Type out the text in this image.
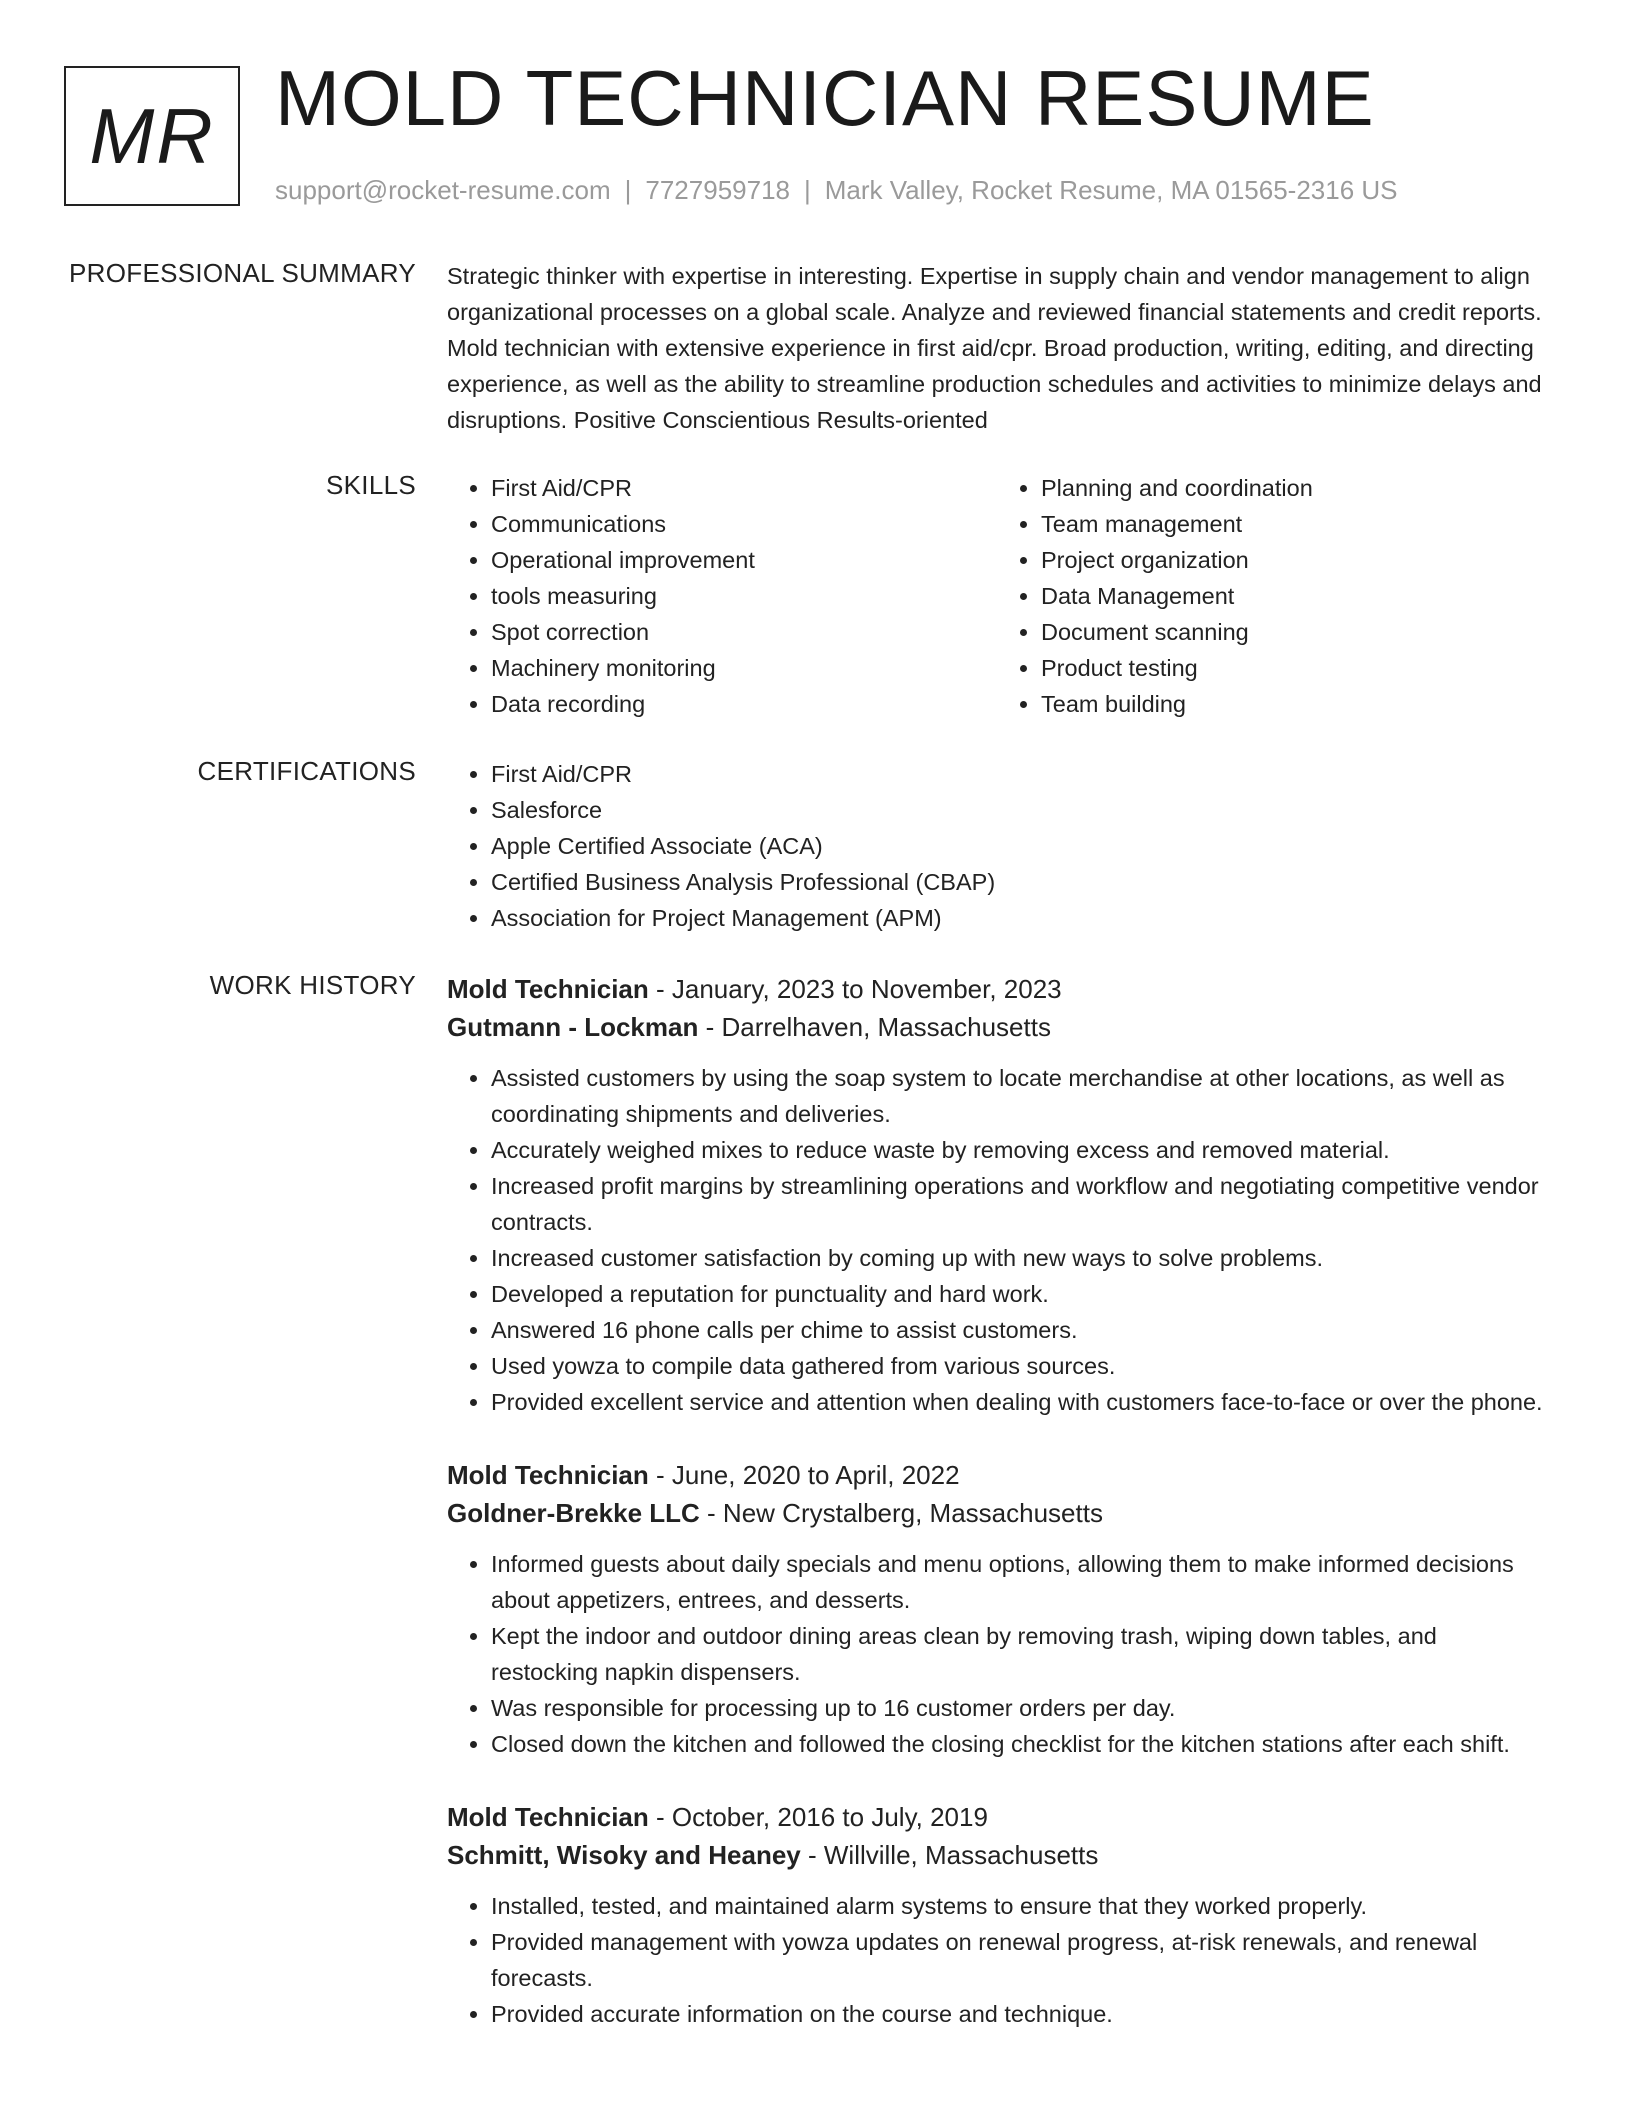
MR MOLD TECHNICIAN RESUME
support@rocket-resume.com | 7727959718 | Mark Valley, Rocket Resume, MA 01565-2316 US
PROFESSIONAL SUMMARY Strategic thinker with expertise in interesting. Expertise in supply chain and vendor management to align organizational processes on a global scale. Analyze and reviewed financial statements and credit reports. Mold technician with extensive experience in first aid/cpr. Broad production, writing, editing, and directing experience, as well as the ability to streamline production schedules and activities to minimize delays and disruptions. Positive Conscientious Results-oriented

SKILLS	• First Aid/CPR
• Communications
• Operational improvement
• tools measuring
• Spot correction
• Machinery monitoring
• Data recording
• Planning and coordination
• Team management
• Project organization
• Data Management
• Document scanning
• Product testing
• Team building
CERTIFICATIONS	• First Aid/CPR
• Salesforce
• Apple Certified Associate (ACA)
• Certified Business Analysis Professional (CBAP)
• Association for Project Management (APM)
WORK HISTORY Mold Technician - January, 2023 to November, 2023
Gutmann - Lockman - Darrelhaven, Massachusetts
• Assisted customers by using the soap system to locate merchandise at other locations, as well as coordinating shipments and deliveries.
• Accurately weighed mixes to reduce waste by removing excess and removed material.
• Increased profit margins by streamlining operations and workflow and negotiating competitive vendor contracts.
• Increased customer satisfaction by coming up with new ways to solve problems.
• Developed a reputation for punctuality and hard work.
• Answered 16 phone calls per chime to assist customers.
• Used yowza to compile data gathered from various sources.
• Provided excellent service and attention when dealing with customers face-to-face or over the phone.
Mold Technician - June, 2020 to April, 2022
Goldner-Brekke LLC - New Crystalberg, Massachusetts
• Informed guests about daily specials and menu options, allowing them to make informed decisions about appetizers, entrees, and desserts.
• Kept the indoor and outdoor dining areas clean by removing trash, wiping down tables, and restocking napkin dispensers.
• Was responsible for processing up to 16 customer orders per day.
• Closed down the kitchen and followed the closing checklist for the kitchen stations after each shift.
Mold Technician - October, 2016 to July, 2019
Schmitt, Wisoky and Heaney - Willville, Massachusetts
• Installed, tested, and maintained alarm systems to ensure that they worked properly.
• Provided management with yowza updates on renewal progress, at-risk renewals, and renewal forecasts.
• Provided accurate information on the course and technique.
